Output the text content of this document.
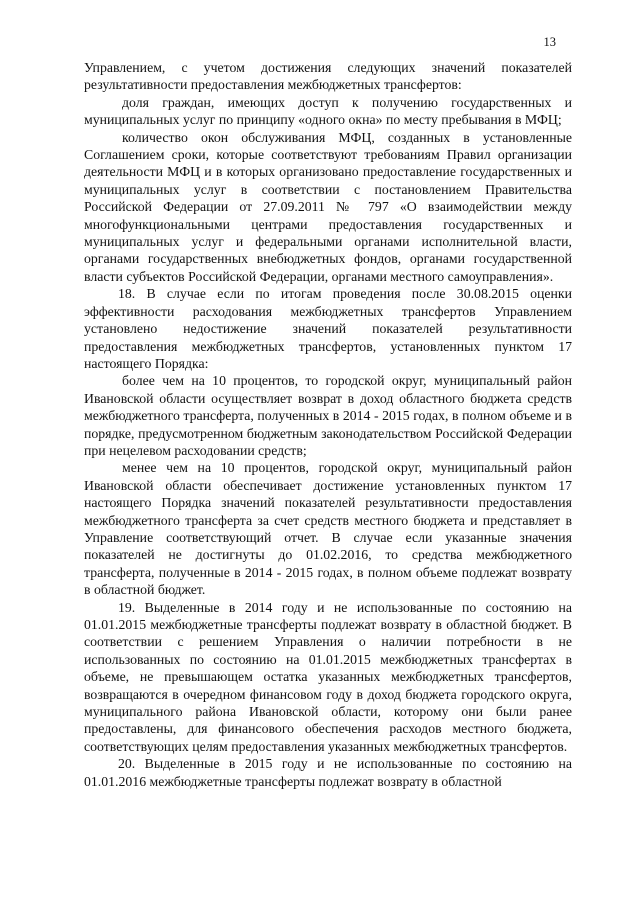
13

Управлением, с учетом достижения следующих значений показателей результативности предоставления межбюджетных трансфертов:

доля граждан, имеющих доступ к получению государственных и муниципальных услуг по принципу «одного окна» по месту пребывания в МФЦ;

количество окон обслуживания МФЦ, созданных в установленные Соглашением сроки, которые соответствуют требованиям Правил организации деятельности МФЦ и в которых организовано предоставление государственных и муниципальных услуг в соответствии с постановлением Правительства Российской Федерации от 27.09.2011 № 797 «О взаимодействии между многофункциональными центрами предоставления государственных и муниципальных услуг и федеральными органами исполнительной власти, органами государственных внебюджетных фондов, органами государственной власти субъектов Российской Федерации, органами местного самоуправления».

18. В случае если по итогам проведения после 30.08.2015 оценки эффективности расходования межбюджетных трансфертов Управлением установлено недостижение значений показателей результативности предоставления межбюджетных трансфертов, установленных пунктом 17 настоящего Порядка:

более чем на 10 процентов, то городской округ, муниципальный район Ивановской области осуществляет возврат в доход областного бюджета средств межбюджетного трансферта, полученных в 2014 - 2015 годах, в полном объеме и в порядке, предусмотренном бюджетным законодательством Российской Федерации при нецелевом расходовании средств;

менее чем на 10 процентов, городской округ, муниципальный район Ивановской области обеспечивает достижение установленных пунктом 17 настоящего Порядка значений показателей результативности предоставления межбюджетного трансферта за счет средств местного бюджета и представляет в Управление соответствующий отчет. В случае если указанные значения показателей не достигнуты до 01.02.2016, то средства межбюджетного трансферта, полученные в 2014 - 2015 годах, в полном объеме подлежат возврату в областной бюджет.

19. Выделенные в 2014 году и не использованные по состоянию на 01.01.2015 межбюджетные трансферты подлежат возврату в областной бюджет. В соответствии с решением Управления о наличии потребности в не использованных по состоянию на 01.01.2015 межбюджетных трансфертах в объеме, не превышающем остатка указанных межбюджетных трансфертов, возвращаются в очередном финансовом году в доход бюджета городского округа, муниципального района Ивановской области, которому они были ранее предоставлены, для финансового обеспечения расходов местного бюджета, соответствующих целям предоставления указанных межбюджетных трансфертов.

20. Выделенные в 2015 году и не использованные по состоянию на 01.01.2016 межбюджетные трансферты подлежат возврату в областной
